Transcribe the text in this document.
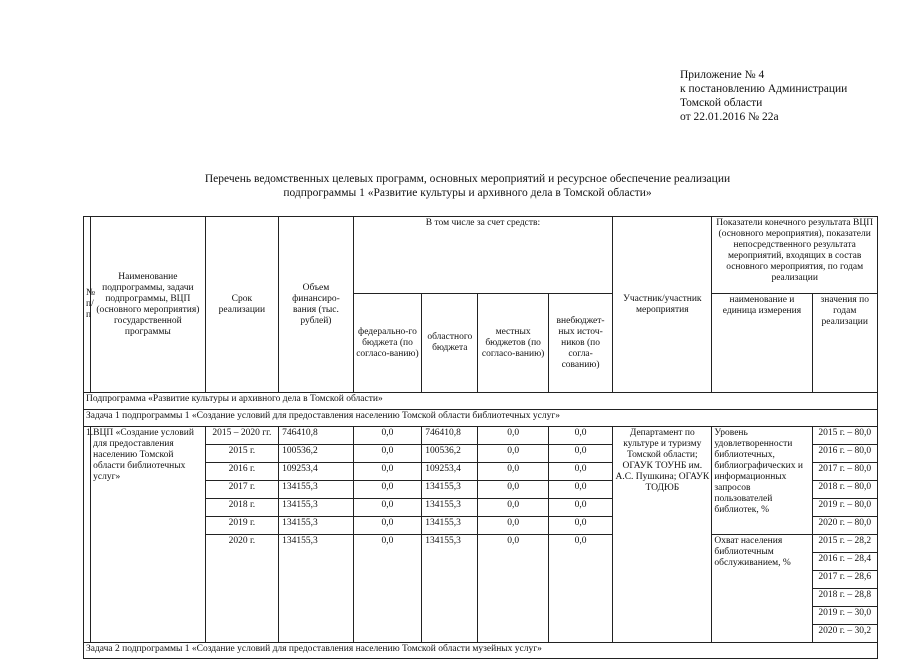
Приложение № 4
к постановлению Администрации
Томской области
от 22.01.2016 № 22а
Перечень ведомственных целевых программ, основных мероприятий и ресурсное обеспечение реализации
подпрограммы 1 «Развитие культуры и архивного дела в Томской области»
№ п/п	Наименование подпрограммы, задачи подпрограммы, ВЦП (основного мероприятия) государственной программы	Срок реализации	Объем финансиро-вания (тыс. рублей)	В том числе за счет средств:				Участник/участник мероприятия	Показатели конечного результата ВЦП (основного мероприятия), показатели непосредственного результата мероприятий, входящих в состав основного мероприятия, по годам реализации	
				федерально-го бюджета (по согласо-ванию)	областного бюджета	местных бюджетов (по согласо-ванию)	внебюджет-ных источ-ников (по согла-сованию)		наименование и единица измерения	значения по годам реализации
Подпрограмма «Развитие культуры и архивного дела в Томской области»										
Задача 1 подпрограммы 1 «Создание условий для предоставления населению Томской области библиотечных услуг»										
1.	ВЦП «Создание условий для предоставления населению Томской области библиотечных услуг»	2015 – 2020 гг.	746410,8	0,0	746410,8	0,0	0,0	Департамент по культуре и туризму Томской области; ОГАУК ТОУНБ им. А.С. Пушкина; ОГАУК ТОДЮБ	Уровень удовлетворенности библиотечных, библиографических и информационных запросов пользователей библиотек, %	2015 г. – 80,0
		2015 г.	100536,2	0,0	100536,2	0,0	0,0			2016 г. – 80,0
		2016 г.	109253,4	0,0	109253,4	0,0	0,0			2017 г. – 80,0
		2017 г.	134155,3	0,0	134155,3	0,0	0,0			2018 г. – 80,0
		2018 г.	134155,3	0,0	134155,3	0,0	0,0			2019 г. – 80,0
		2019 г.	134155,3	0,0	134155,3	0,0	0,0			2020 г. – 80,0
		2020 г.	134155,3	0,0	134155,3	0,0	0,0		Охват населения библиотечным обслуживанием, %	2015 г. – 28,2
										2016 г. – 28,4
										2017 г. – 28,6
										2018 г. – 28,8
										2019 г. – 30,0
										2020 г. – 30,2
Задача 2 подпрограммы 1 «Создание условий для предоставления населению Томской области музейных услуг»										
